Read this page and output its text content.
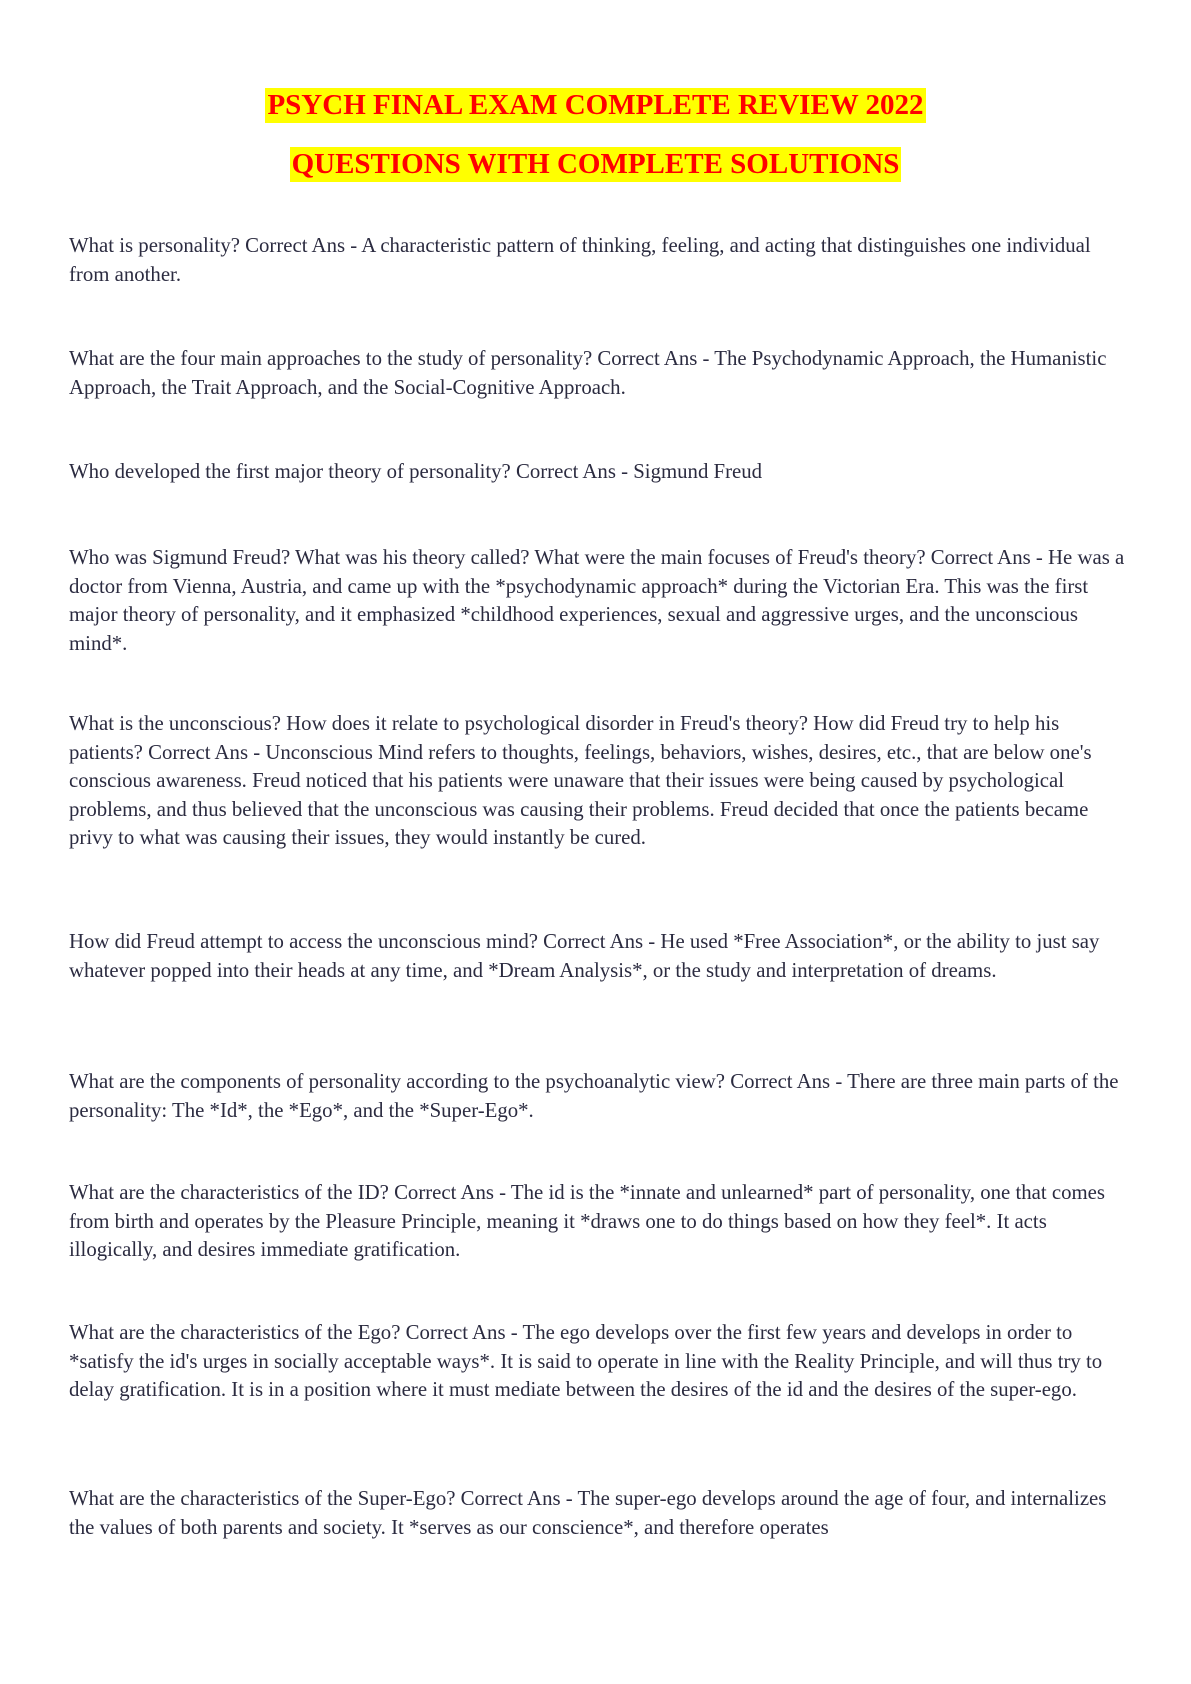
PSYCH FINAL EXAM COMPLETE REVIEW 2022
QUESTIONS WITH COMPLETE SOLUTIONS

What is personality? Correct Ans - A characteristic pattern of thinking, feeling, and acting that distinguishes one individual from another.

What are the four main approaches to the study of personality? Correct Ans - The Psychodynamic Approach, the Humanistic Approach, the Trait Approach, and the Social-Cognitive Approach.

Who developed the first major theory of personality? Correct Ans - Sigmund Freud

Who was Sigmund Freud? What was his theory called? What were the main focuses of Freud's theory? Correct Ans - He was a doctor from Vienna, Austria, and came up with the *psychodynamic approach* during the Victorian Era. This was the first major theory of personality, and it emphasized *childhood experiences, sexual and aggressive urges, and the unconscious mind*.

What is the unconscious? How does it relate to psychological disorder in Freud's theory? How did Freud try to help his patients? Correct Ans - Unconscious Mind refers to thoughts, feelings, behaviors, wishes, desires, etc., that are below one's conscious awareness. Freud noticed that his patients were unaware that their issues were being caused by psychological problems, and thus believed that the unconscious was causing their problems. Freud decided that once the patients became privy to what was causing their issues, they would instantly be cured.

How did Freud attempt to access the unconscious mind? Correct Ans - He used *Free Association*, or the ability to just say whatever popped into their heads at any time, and *Dream Analysis*, or the study and interpretation of dreams.

What are the components of personality according to the psychoanalytic view? Correct Ans - There are three main parts of the personality: The *Id*, the *Ego*, and the *Super-Ego*.

What are the characteristics of the ID? Correct Ans - The id is the *innate and unlearned* part of personality, one that comes from birth and operates by the Pleasure Principle, meaning it *draws one to do things based on how they feel*. It acts illogically, and desires immediate gratification.

What are the characteristics of the Ego? Correct Ans - The ego develops over the first few years and develops in order to *satisfy the id's urges in socially acceptable ways*. It is said to operate in line with the Reality Principle, and will thus try to delay gratification. It is in a position where it must mediate between the desires of the id and the desires of the super-ego.

What are the characteristics of the Super-Ego? Correct Ans - The super-ego develops around the age of four, and internalizes the values of both parents and society. It *serves as our conscience*, and therefore operates
